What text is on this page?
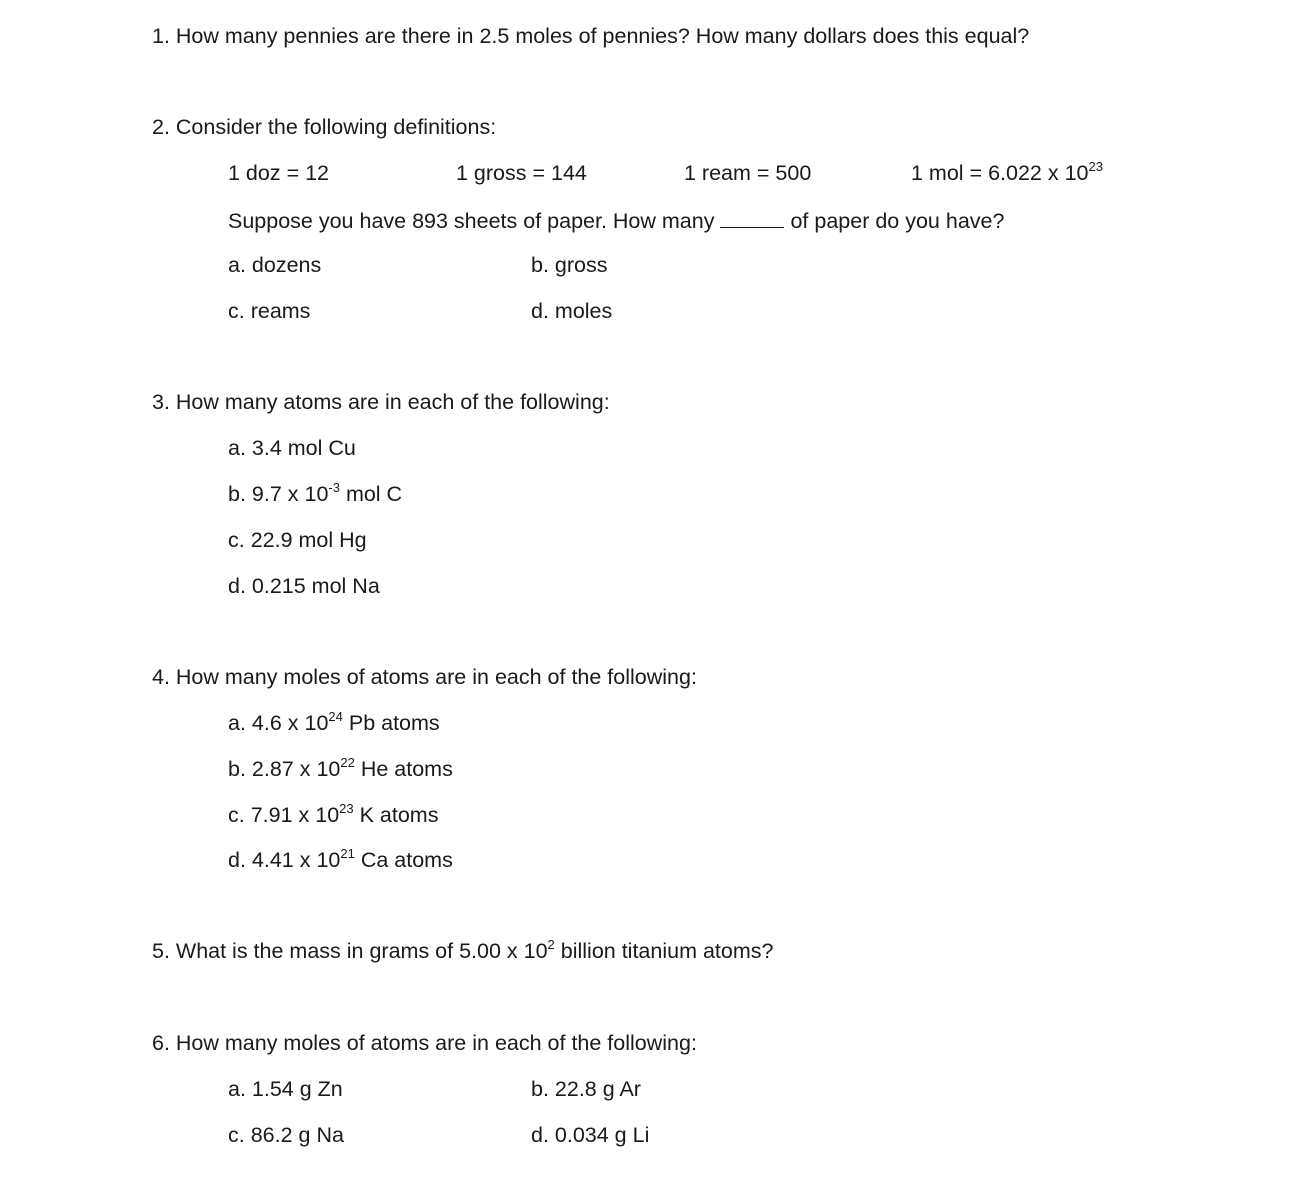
1. How many pennies are there in 2.5 moles of pennies? How many dollars does this equal?
2. Consider the following definitions:
1 doz = 12	1 gross = 144	1 ream = 500	1 mol = 6.022 x $10^{23}$
Suppose you have 893 sheets of paper. How many	of paper do you have?
a. dozens	b. gross
c. reams	d. moles
3. How many atoms are in each of the following:
a. 3.4 mol Cu
b. 9.7 x $10^{-3}$ mol C
c. 22.9 mol Hg
d. 0.215 mol Na
4. How many moles of atoms are in each of the following:
a. 4.6 x $10^{24}$ Pb atoms
b. 2.87 x $10^{22}$ He atoms
c. 7.91 x $10^{23}$ K atoms
d. 4.41 x $10^{21}$ Ca atoms
5. What is the mass in grams of 5.00 x $10^2$ billion titanium atoms?
6. How many moles of atoms are in each of the following:
a. 1.54 g Zn	b. 22.8 g Ar
c. 86.2 g Na	d. 0.034 g Li
